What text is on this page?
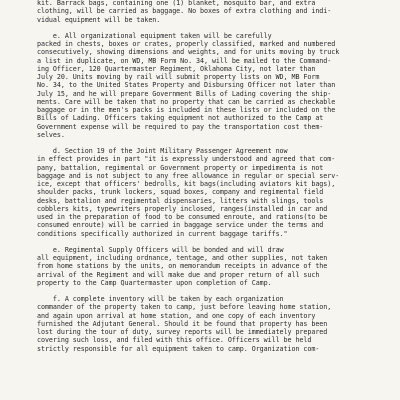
kit. Barrack bags, containing one (1) blanket, mosquito bar, and extra
clothing, will be carried as baggage. No boxes of extra clothing and indi-
vidual equipment will be taken.
e. All organizational equipment taken will be carefully
packed in chests, boxes or crates, properly classified, marked and numbered
consecutively, showing dimensions and weights, and for units moving by truck
a list in duplicate, on WD, MB Form No. 34, will be mailed to the Command-
ing Officer, 120 Quartermaster Regiment, Oklahoma City, not later than
July 20. Units moving by rail will submit property lists on WD, MB Form
No. 34, to the United States Property and Disbursing Officer not later than
July 15, and he will prepare Government Bills of Lading covering the ship-
ments. Care will be taken that no property that can be carried as checkable
baggage or in the men's packs is included in these lists or included on the
Bills of Lading. Officers taking equipment not authorized to the Camp at
Government expense will be required to pay the transportation cost them-
selves.
d. Section 19 of the Joint Military Passenger Agreement now
in effect provides in part "it is expressly understood and agreed that com-
pany, battalion, regimental or Government property or impedimenta is not
baggage and is not subject to any free allowance in regular or special serv-
ice, except that officers' bedrolls, kit bags(including aviators kit bags),
shoulder packs, trunk lockers, squad boxes, company and regimental field
desks, battalion and regimental dispensaries, litters with slings, tools
cobblers kits, typewriters properly inclosed, ranges(installed in car and
used in the preparation of food to be consumed enroute, and rations(to be
consumed enroute) will be carried in baggage service under the terms and
conditions specifically authorized in current baggage tariffs."
e. Regimental Supply Officers will be bonded and will draw
all equipment, including ordnance, tentage, and other supplies, not taken
from home stations by the units, on memorandum receipts in advance of the
arrival of the Regiment and will make due and proper return of all such
property to the Camp Quartermaster upon completion of Camp.
f. A complete inventory will be taken by each organization
commander of the property taken to camp, just before leaving home station,
and again upon arrival at home station, and one copy of each inventory
furnished the Adjutant General. Should it be found that property has been
lost during the tour of duty, survey reports will be immediately prepared
covering such loss, and filed with this office. Officers will be held
strictly responsible for all equipment taken to camp. Organization com-
